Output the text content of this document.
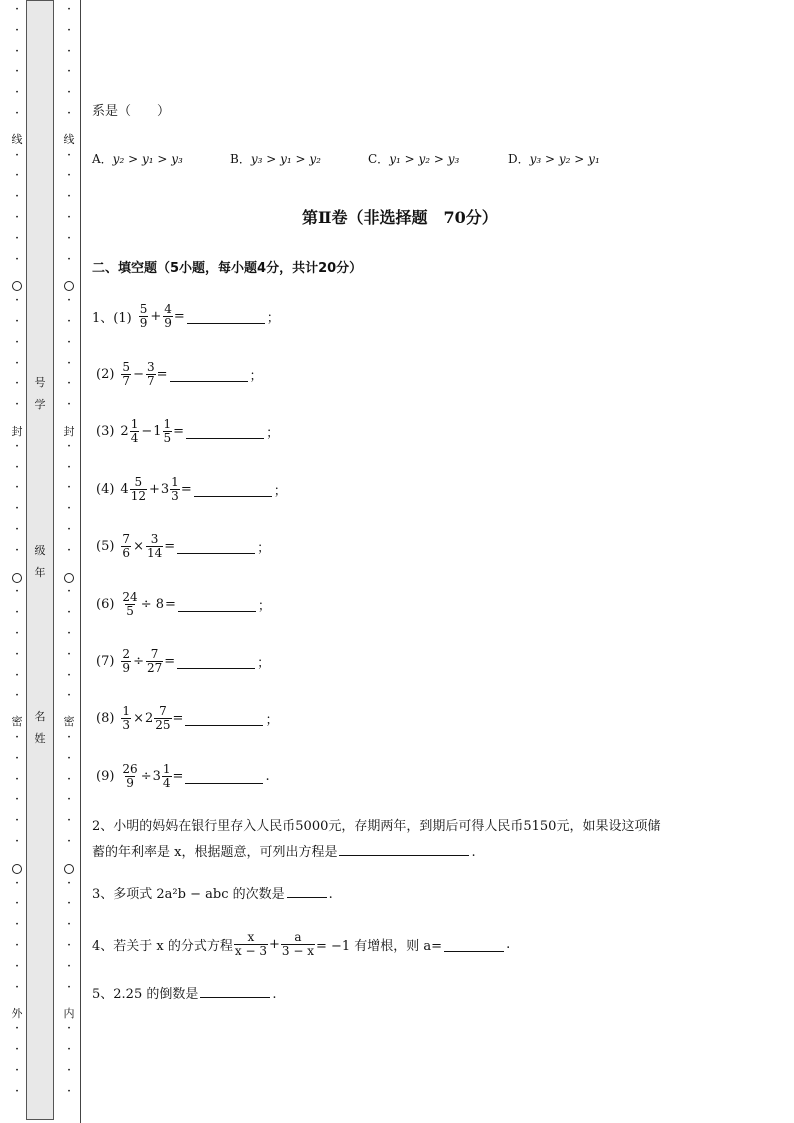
•
•
•
•
•
•
线
•
•
•
•
•
•
•
•
•
•
•
•
封
•
•
•
•
•
•
•
•
•
•
•
•
密
•
•
•
•
•
•
•
•
•
•
•
•
外
•
•
•
•
号
学
级
年
名
姓
•
•
•
•
•
•
线
•
•
•
•
•
•
•
•
•
•
•
•
封
•
•
•
•
•
•
•
•
•
•
•
•
密
•
•
•
•
•
•
•
•
•
•
•
•
内
•
•
•
•
系是（　　）
A．y₂ > y₁ > y₃	B．y₃ > y₁ > y₂	C．y₁ > y₂ > y₃	D．y₃ > y₂ > y₁
第Ⅱ卷（非选择题　70分）
二、填空题（5小题，每小题4分，共计20分）
1、$(1) \frac{5}{9} + \frac{4}{9}$ =	；
$(2) \frac{5}{7} - \frac{3}{7}$ =	；
(3) $2 \frac{1}{4} - 1 \frac{1}{5}$ =	；
(4) $4 \frac{5}{12} + 3 \frac{1}{3}$ =	；
$(5) \frac{7}{6} \times \frac{3}{14}$ =	；
$(6) \frac{24}{5} \div 8$ =	；
$(7) \frac{2}{9} \div \frac{7}{27}$ =	；
$(8) \frac{1}{3} \times 2 \frac{7}{25}$ =	；
$(9) \frac{26}{9} \div 3 \frac{1}{4}$ =	.
2、小明的妈妈在银行里存入人民币5000元，存期两年，到期后可得人民币5150元，如果设这项储
蓄的年利率是 x，根据题意，可列出方程是	.
3、多项式 2a²b − abc 的次数是	.
4、若关于 x 的分式方程 $\frac{x}{x - 3} + \frac{a}{3 - x} = -1$ 有增根，则 a=	.
5、2.25 的倒数是	.
